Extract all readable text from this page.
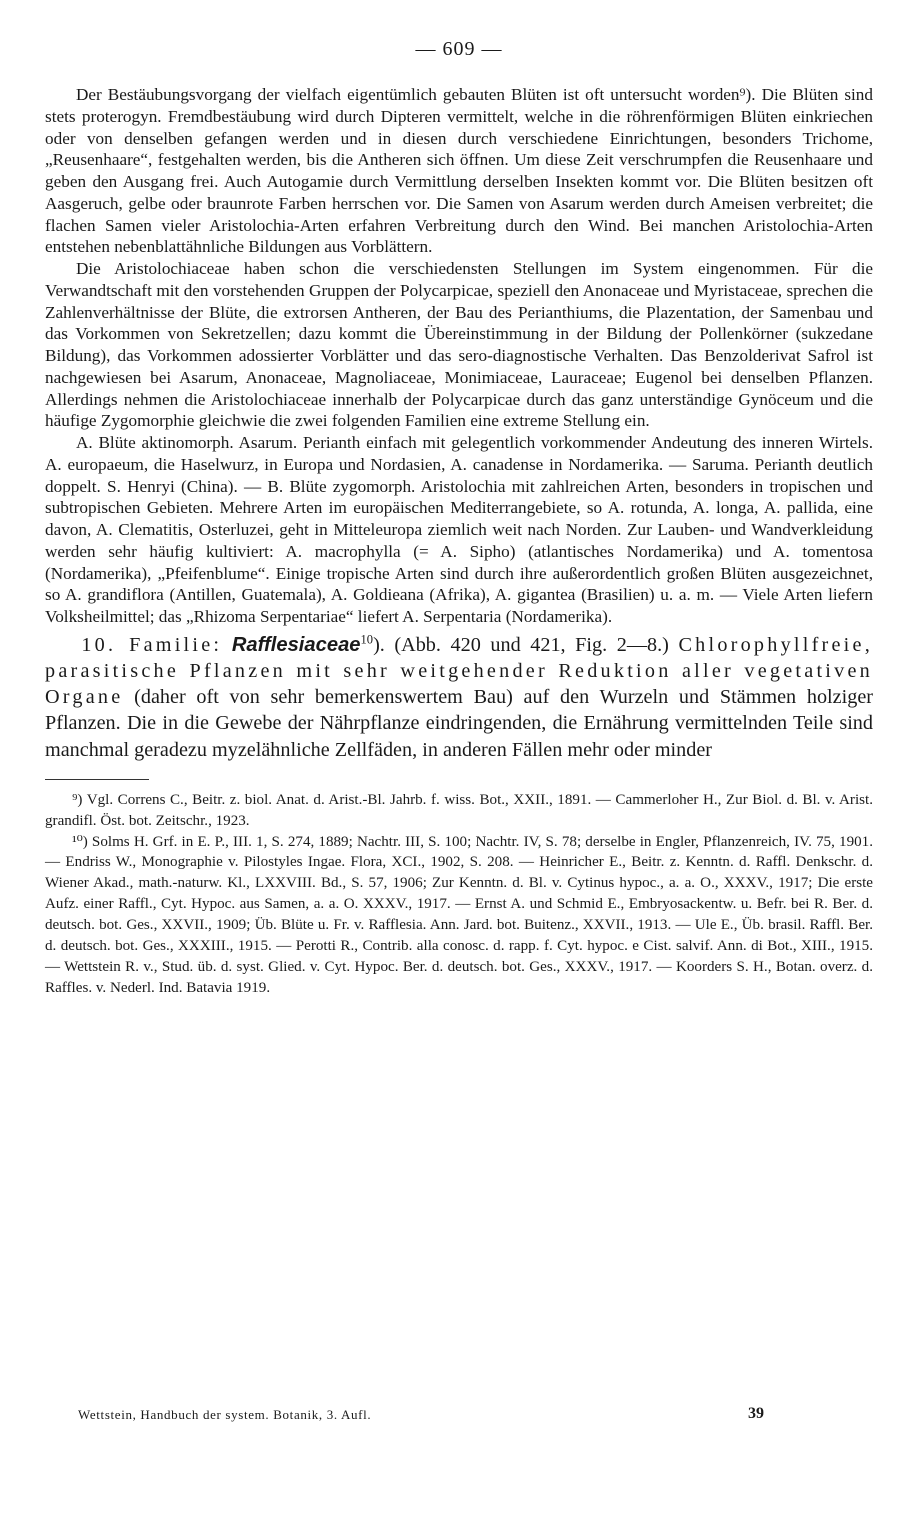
— 609 —

Der Bestäubungsvorgang der vielfach eigentümlich gebauten Blüten ist oft untersucht worden⁹). Die Blüten sind stets proterogyn. Fremdbestäubung wird durch Dipteren vermittelt, welche in die röhrenförmigen Blüten einkriechen oder von denselben gefangen werden und in diesen durch verschiedene Einrichtungen, besonders Trichome, „Reusenhaare“, festgehalten werden, bis die Antheren sich öffnen. Um diese Zeit verschrumpfen die Reusenhaare und geben den Ausgang frei. Auch Autogamie durch Vermittlung derselben Insekten kommt vor. Die Blüten besitzen oft Aasgeruch, gelbe oder braunrote Farben herrschen vor. Die Samen von Asarum werden durch Ameisen verbreitet; die flachen Samen vieler Aristolochia-Arten erfahren Verbreitung durch den Wind. Bei manchen Aristolochia-Arten entstehen nebenblattähnliche Bildungen aus Vorblättern.

Die Aristolochiaceae haben schon die verschiedensten Stellungen im System eingenommen. Für die Verwandtschaft mit den vorstehenden Gruppen der Polycarpicae, speziell den Anonaceae und Myristaceae, sprechen die Zahlenverhältnisse der Blüte, die extrorsen Antheren, der Bau des Perianthiums, die Plazentation, der Samenbau und das Vorkommen von Sekretzellen; dazu kommt die Übereinstimmung in der Bildung der Pollenkörner (sukzedane Bildung), das Vorkommen adossierter Vorblätter und das sero-diagnostische Verhalten. Das Benzolderivat Safrol ist nachgewiesen bei Asarum, Anonaceae, Magnoliaceae, Monimiaceae, Lauraceae; Eugenol bei denselben Pflanzen. Allerdings nehmen die Aristolochiaceae innerhalb der Polycarpicae durch das ganz unterständige Gynöceum und die häufige Zygomorphie gleichwie die zwei folgenden Familien eine extreme Stellung ein.

A. Blüte aktinomorph. Asarum. Perianth einfach mit gelegentlich vorkommender Andeutung des inneren Wirtels. A. europaeum, die Haselwurz, in Europa und Nordasien, A. canadense in Nordamerika. — Saruma. Perianth deutlich doppelt. S. Henryi (China). — B. Blüte zygomorph. Aristolochia mit zahlreichen Arten, besonders in tropischen und subtropischen Gebieten. Mehrere Arten im europäischen Mediterrangebiete, so A. rotunda, A. longa, A. pallida, eine davon, A. Clematitis, Osterluzei, geht in Mitteleuropa ziemlich weit nach Norden. Zur Lauben- und Wandverkleidung werden sehr häufig kultiviert: A. macrophylla (= A. Sipho) (atlantisches Nordamerika) und A. tomentosa (Nordamerika), „Pfeifenblume“. Einige tropische Arten sind durch ihre außerordentlich großen Blüten ausgezeichnet, so A. grandiflora (Antillen, Guatemala), A. Goldieana (Afrika), A. gigantea (Brasilien) u. a. m. — Viele Arten liefern Volksheilmittel; das „Rhizoma Serpentariae“ liefert A. Serpentaria (Nordamerika).

10. Familie: Rafflesiaceae$^{10}$). (Abb. 420 und 421, Fig. 2—8.) Chlorophyllfreie, parasitische Pflanzen mit sehr weitgehender Reduktion aller vegetativen Organe (daher oft von sehr bemerkenswertem Bau) auf den Wurzeln und Stämmen holziger Pflanzen. Die in die Gewebe der Nährpflanze eindringenden, die Ernährung vermittelnden Teile sind manchmal geradezu myzelähnliche Zellfäden, in anderen Fällen mehr oder minder

⁹) Vgl. Correns C., Beitr. z. biol. Anat. d. Arist.-Bl. Jahrb. f. wiss. Bot., XXII., 1891. — Cammerloher H., Zur Biol. d. Bl. v. Arist. grandifl. Öst. bot. Zeitschr., 1923.

¹⁰) Solms H. Grf. in E. P., III. 1, S. 274, 1889; Nachtr. III, S. 100; Nachtr. IV, S. 78; derselbe in Engler, Pflanzenreich, IV. 75, 1901. — Endriss W., Monographie v. Pilostyles Ingae. Flora, XCI., 1902, S. 208. — Heinricher E., Beitr. z. Kenntn. d. Raffl. Denkschr. d. Wiener Akad., math.-naturw. Kl., LXXVIII. Bd., S. 57, 1906; Zur Kenntn. d. Bl. v. Cytinus hypoc., a. a. O., XXXV., 1917; Die erste Aufz. einer Raffl., Cyt. Hypoc. aus Samen, a. a. O. XXXV., 1917. — Ernst A. und Schmid E., Embryosackentw. u. Befr. bei R. Ber. d. deutsch. bot. Ges., XXVII., 1909; Üb. Blüte u. Fr. v. Rafflesia. Ann. Jard. bot. Buitenz., XXVII., 1913. — Ule E., Üb. brasil. Raffl. Ber. d. deutsch. bot. Ges., XXXIII., 1915. — Perotti R., Contrib. alla conosc. d. rapp. f. Cyt. hypoc. e Cist. salvif. Ann. di Bot., XIII., 1915. — Wettstein R. v., Stud. üb. d. syst. Glied. v. Cyt. Hypoc. Ber. d. deutsch. bot. Ges., XXXV., 1917. — Koorders S. H., Botan. overz. d. Raffles. v. Nederl. Ind. Batavia 1919.

Wettstein, Handbuch der system. Botanik, 3. Aufl.	39
